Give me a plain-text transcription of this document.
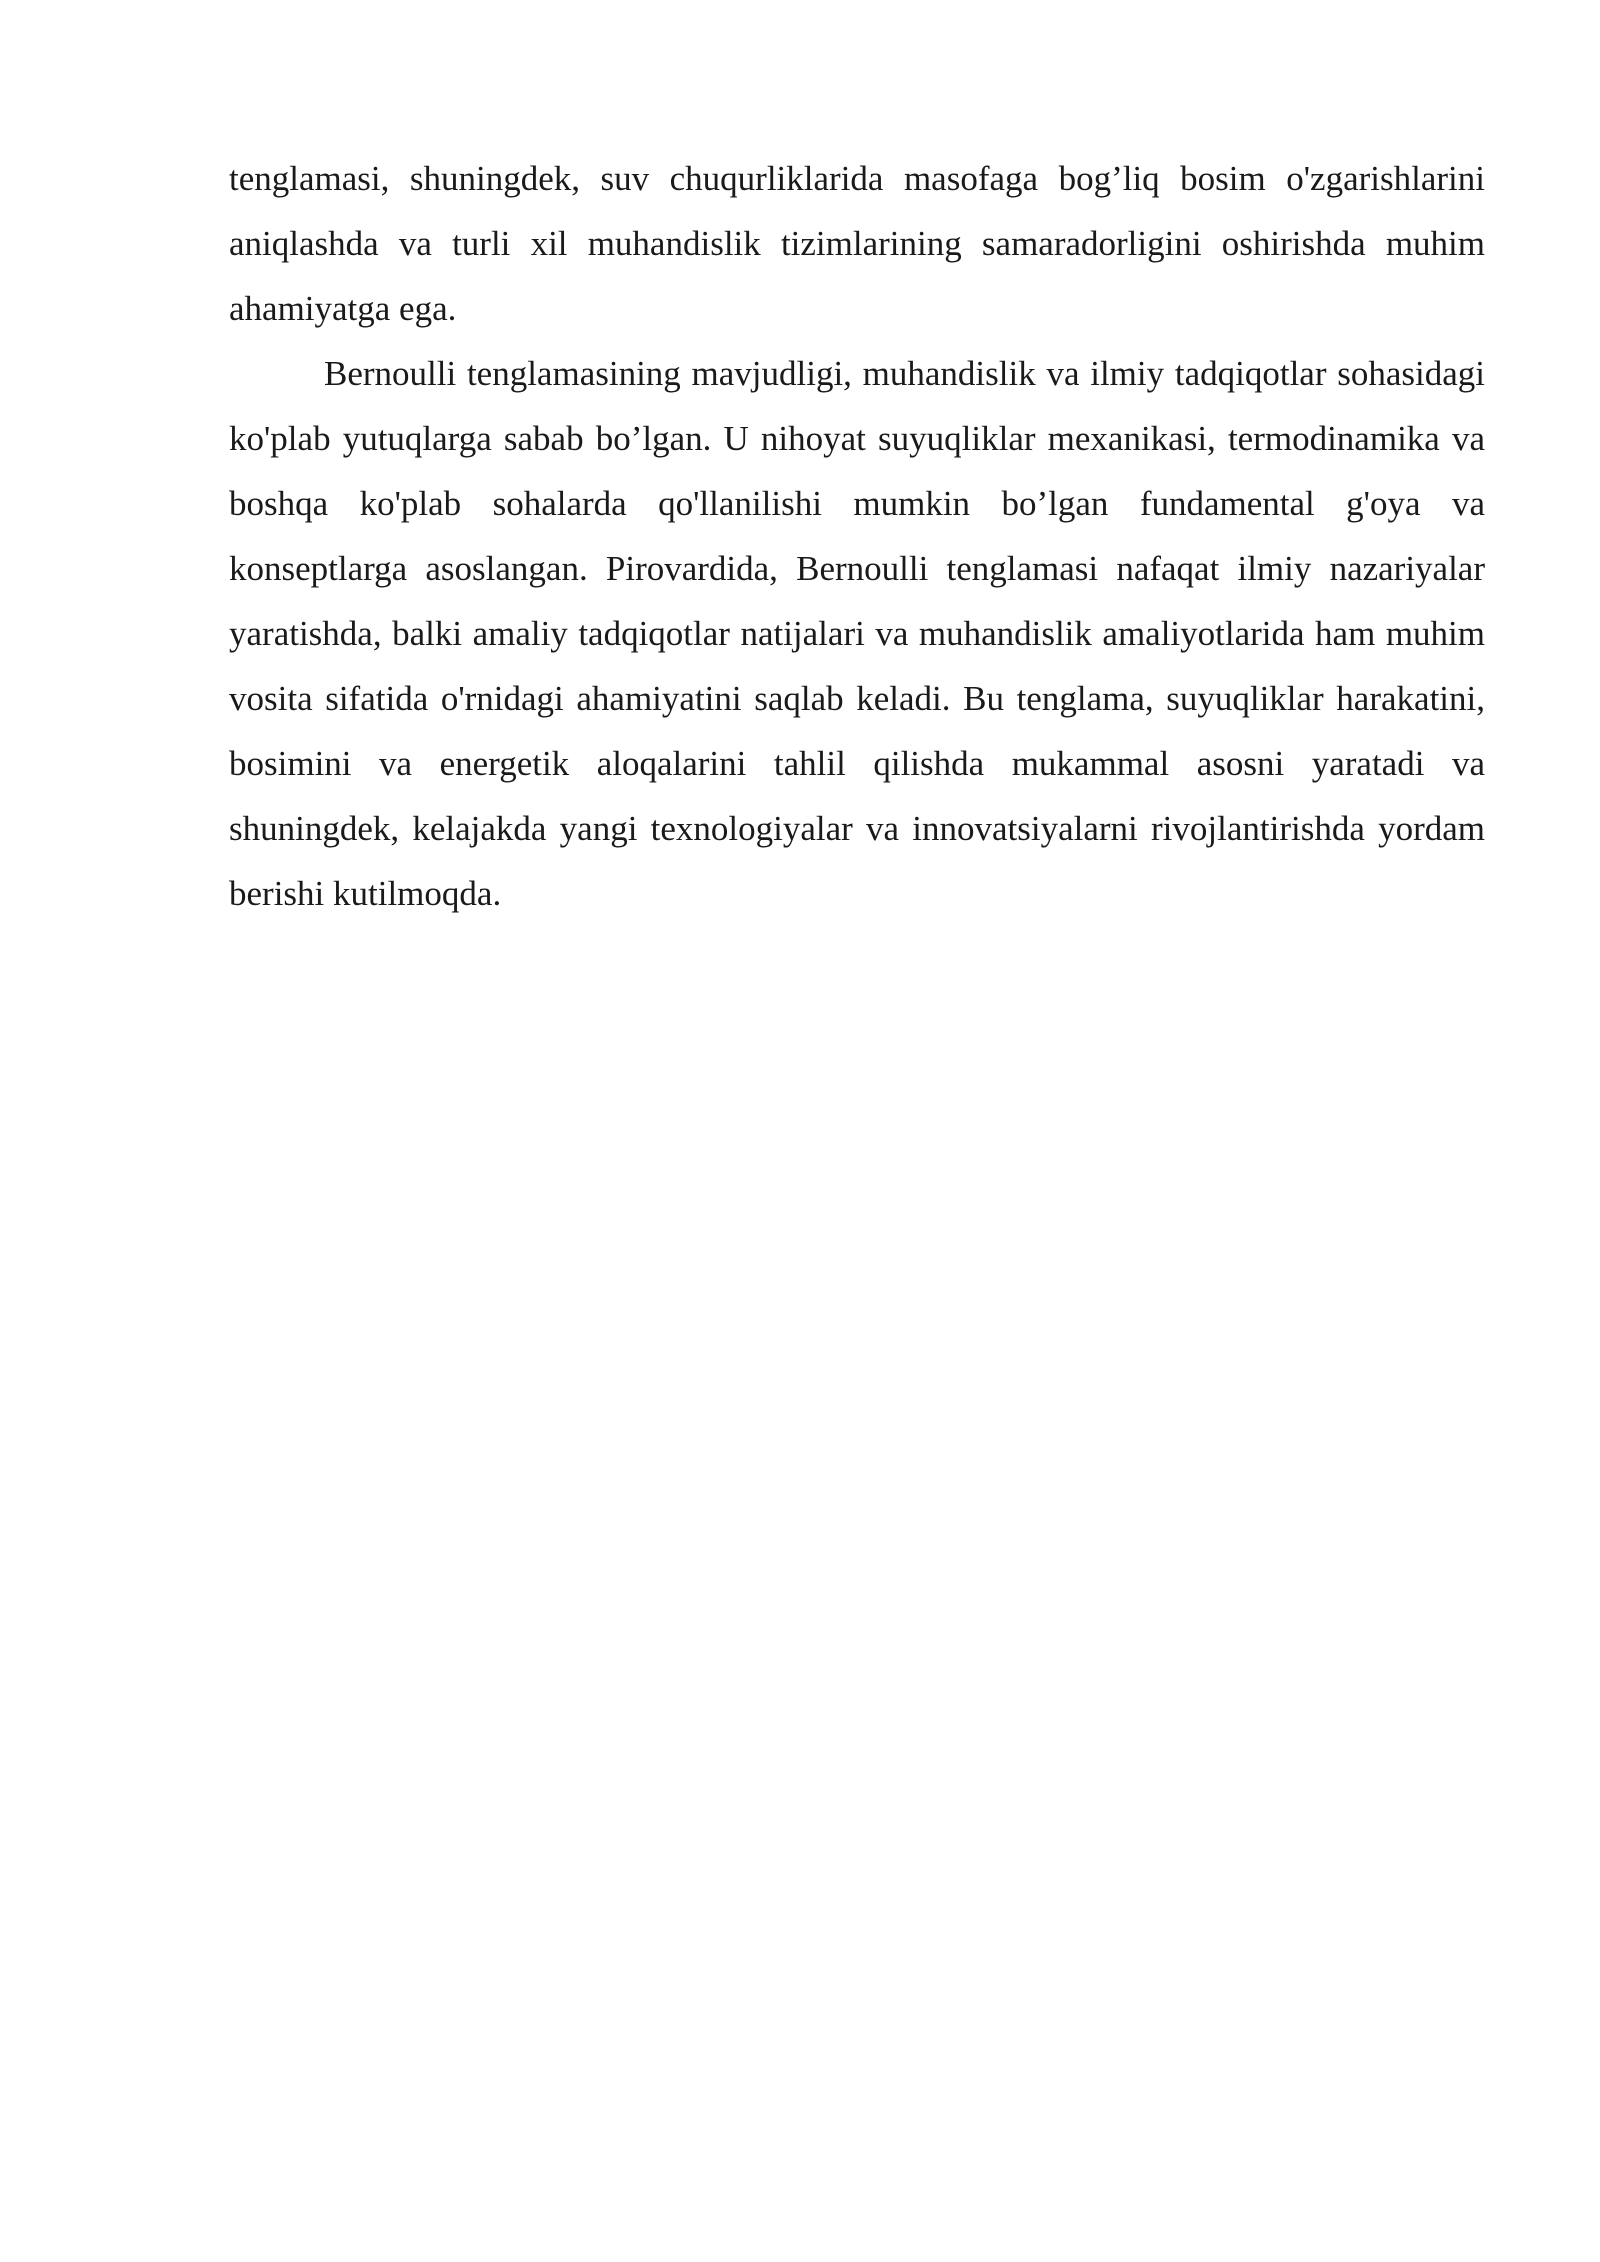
tenglamasi, shuningdek, suv chuqurliklarida masofaga bog’liq bosim o'zgarishlarini aniqlashda va turli xil muhandislik tizimlarining samaradorligini oshirishda muhim ahamiyatga ega.

Bernoulli tenglamasining mavjudligi, muhandislik va ilmiy tadqiqotlar sohasidagi ko'plab yutuqlarga sabab bo’lgan. U nihoyat suyuqliklar mexanikasi, termodinamika va boshqa ko'plab sohalarda qo'llanilishi mumkin bo’lgan fundamental g'oya va konseptlarga asoslangan. Pirovardida, Bernoulli tenglamasi nafaqat ilmiy nazariyalar yaratishda, balki amaliy tadqiqotlar natijalari va muhandislik amaliyotlarida ham muhim vosita sifatida o'rnidagi ahamiyatini saqlab keladi. Bu tenglama, suyuqliklar harakatini, bosimini va energetik aloqalarini tahlil qilishda mukammal asosni yaratadi va shuningdek, kelajakda yangi texnologiyalar va innovatsiyalarni rivojlantirishda yordam berishi kutilmoqda.
